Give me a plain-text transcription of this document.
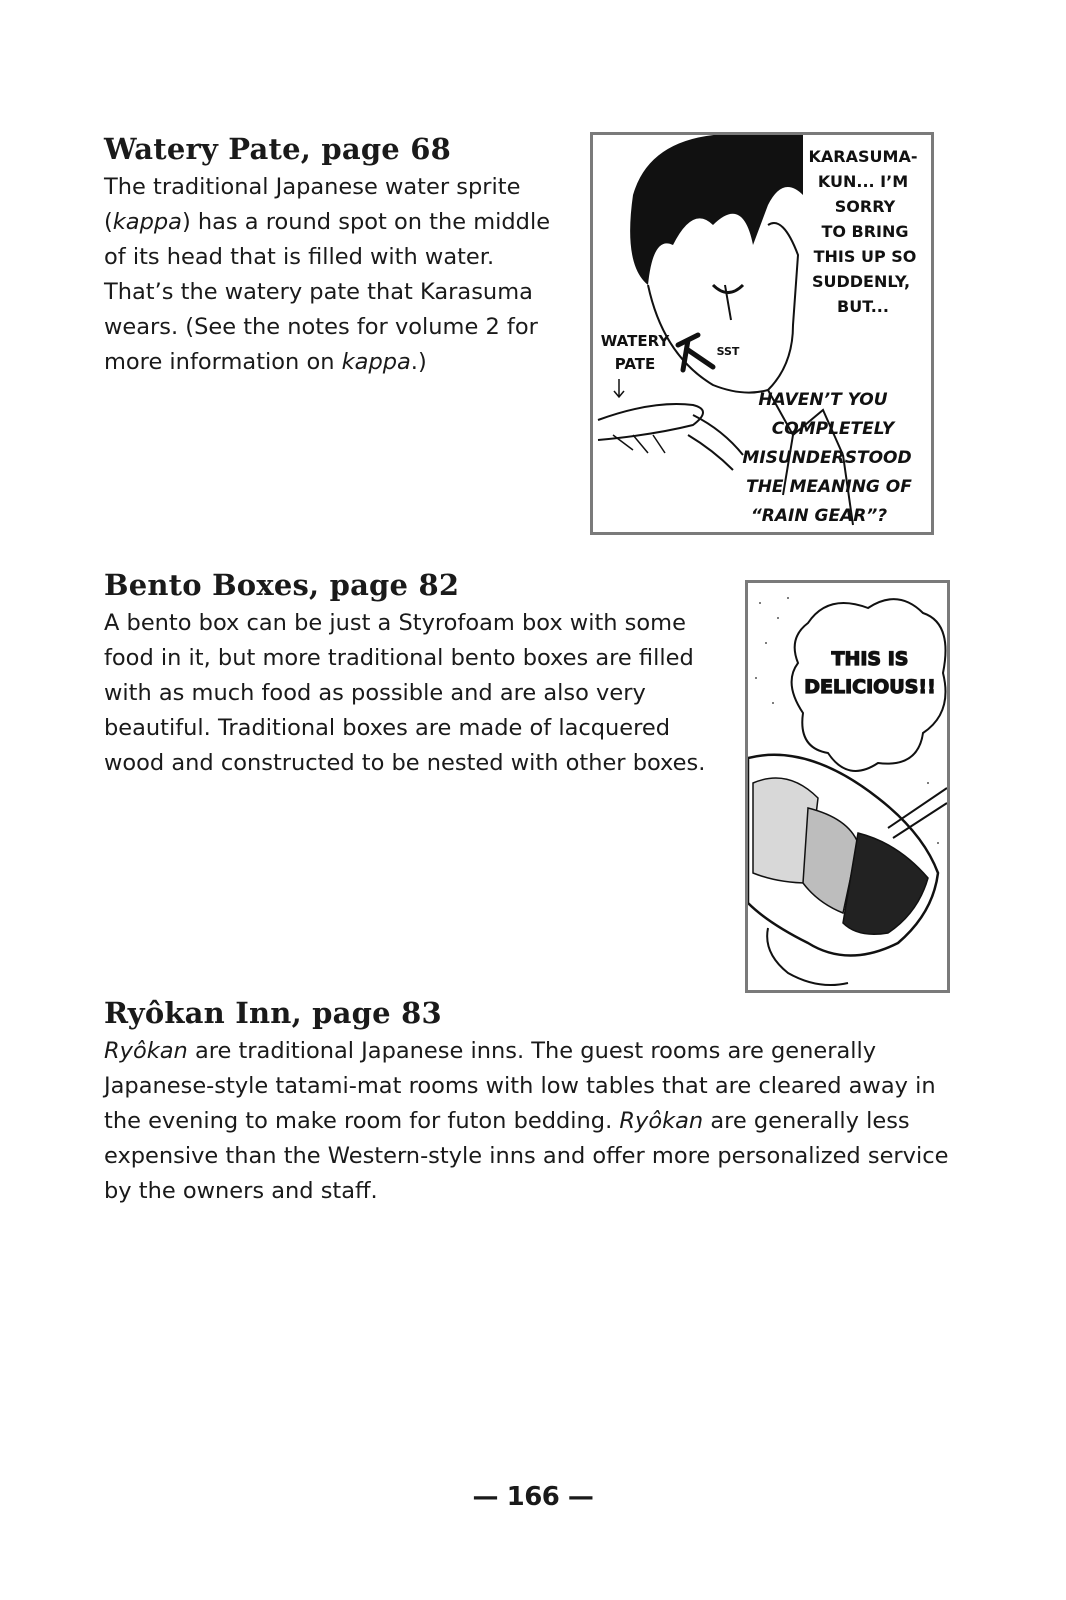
Watery Pate, page 68

The traditional Japanese water sprite (kappa) has a round spot on the middle of its head that is filled with water. That’s the watery pate that Karasuma wears. (See the notes for volume 2 for more information on kappa.)

KARASUMA-
KUN... I’M
SORRY
TO BRING
THIS UP SO
SUDDENLY,
BUT...
WATERY
PATE
SST
HAVEN’T YOU
COMPLETELY
MISUNDERSTOOD
THE MEANING OF
“RAIN GEAR”?
Bento Boxes, page 82

A bento box can be just a Styrofoam box with some food in it, but more traditional bento boxes are filled with as much food as possible and are also very beautiful. Traditional boxes are made of lacquered wood and constructed to be nested with other boxes.

THIS IS
DELICIOUS!!
Ryôkan Inn, page 83

Ryôkan are traditional Japanese inns. The guest rooms are generally Japanese-style tatami-mat rooms with low tables that are cleared away in the evening to make room for futon bedding. Ryôkan are generally less expensive than the Western-style inns and offer more personalized service by the owners and staff.

— 166 —
